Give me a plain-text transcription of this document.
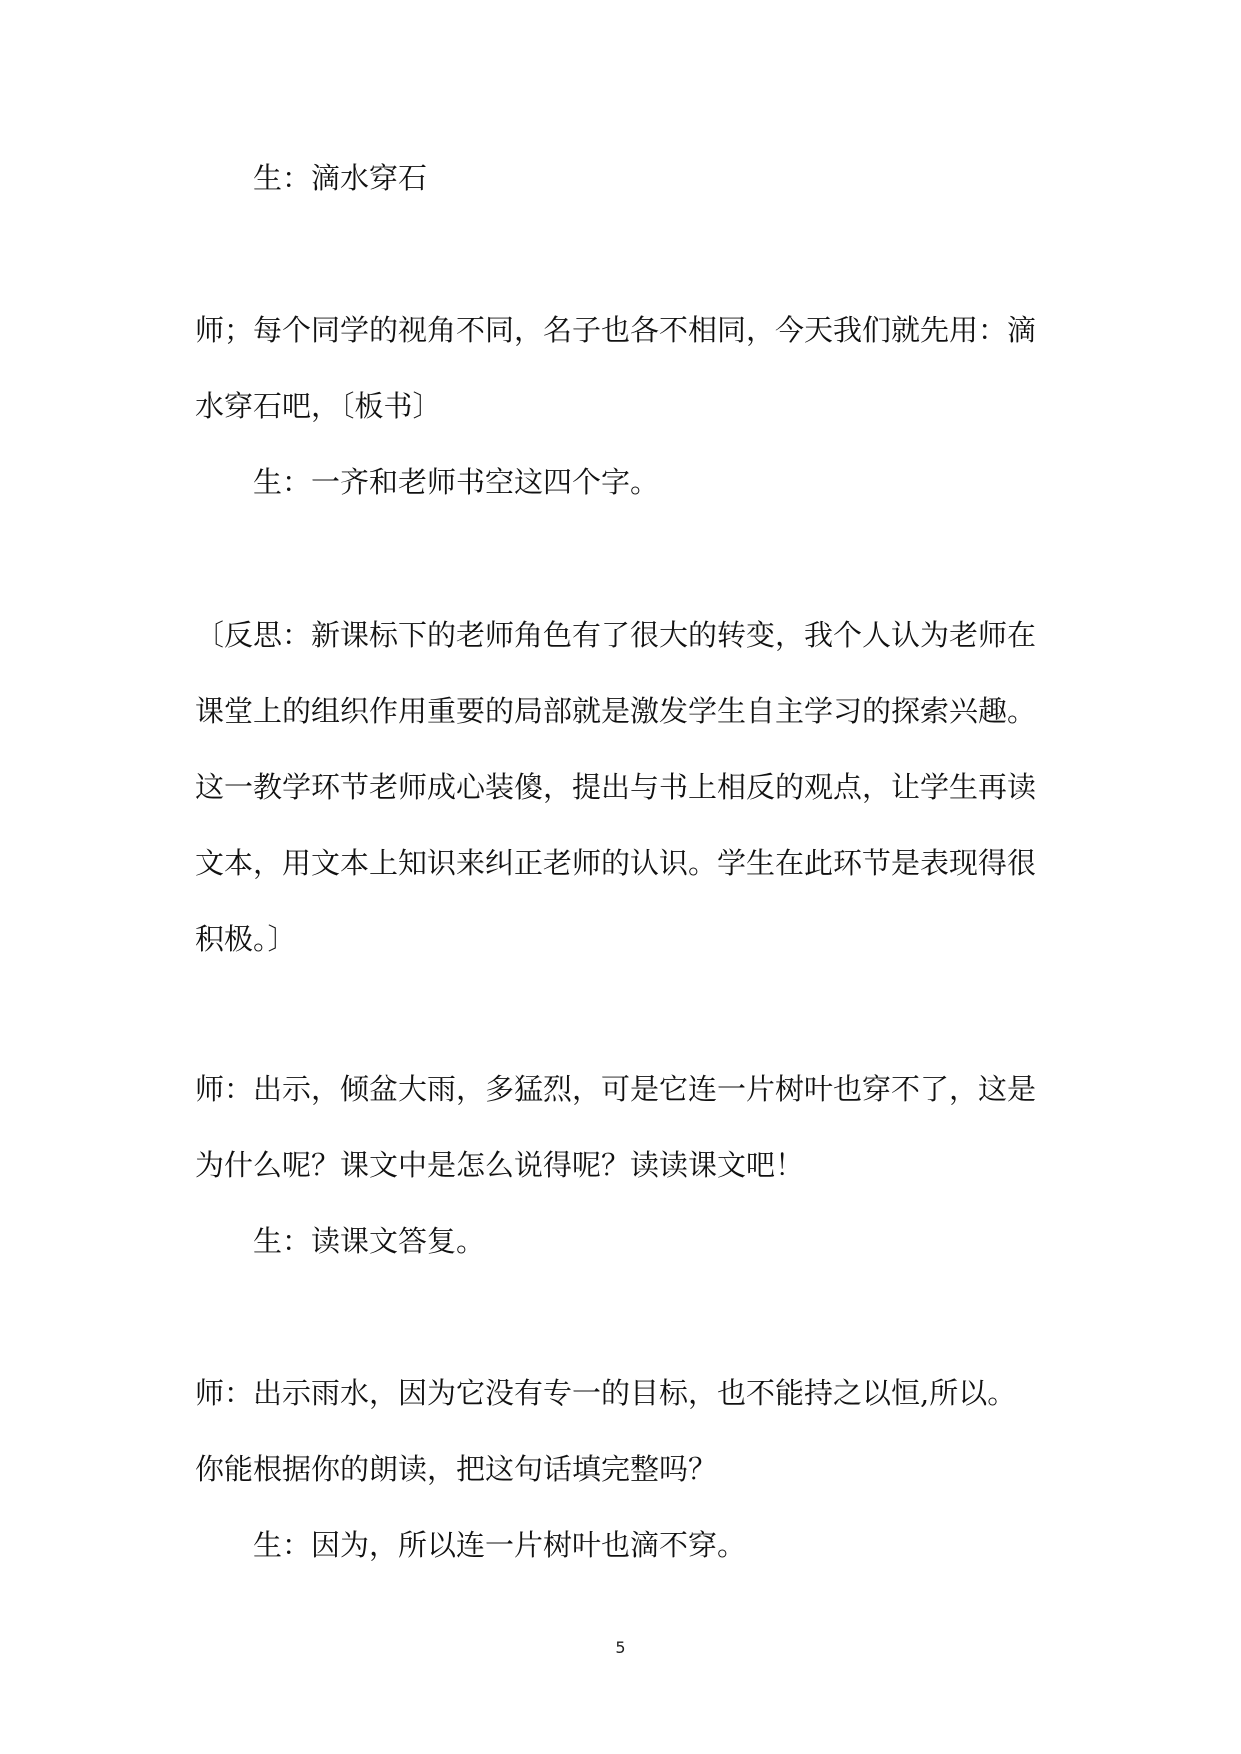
生：滴水穿石

师；每个同学的视角不同，名子也各不相同，今天我们就先用：滴
水穿石吧，〔板书〕

生：一齐和老师书空这四个字。

〔反思：新课标下的老师角色有了很大的转变，我个人认为老师在
课堂上的组织作用重要的局部就是激发学生自主学习的探索兴趣。
这一教学环节老师成心装傻，提出与书上相反的观点，让学生再读
文本，用文本上知识来纠正老师的认识。学生在此环节是表现得很
积极。〕

师：出示，倾盆大雨，多猛烈，可是它连一片树叶也穿不了，这是
为什么呢？课文中是怎么说得呢？读读课文吧！

生：读课文答复。

师：出示雨水，因为它没有专一的目标，也不能持之以恒,所以。
你能根据你的朗读，把这句话填完整吗？

生：因为，所以连一片树叶也滴不穿。

5
